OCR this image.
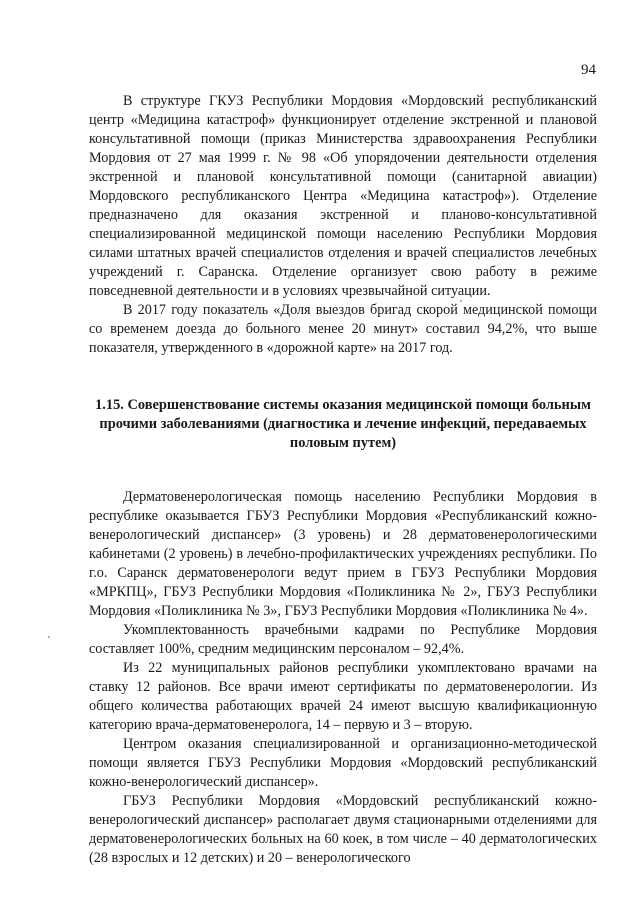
94

В структуре ГКУЗ Республики Мордовия «Мордовский республиканский центр «Медицина катастроф» функционирует отделение экстренной и плановой консультативной помощи (приказ Министерства здравоохранения Республики Мордовия от 27 мая 1999 г. № 98 «Об упорядочении деятельности отделения экстренной и плановой консультативной помощи (санитарной авиации) Мордовского республиканского Центра «Медицина катастроф»). Отделение предназначено для оказания экстренной и планово-консультативной специализированной медицинской помощи населению Республики Мордовия силами штатных врачей специалистов отделения и врачей специалистов лечебных учреждений г. Саранска. Отделение организует свою работу в режиме повседневной деятельности и в условиях чрезвычайной ситуации.

В 2017 году показатель «Доля выездов бригад скорой медицинской помощи со временем доезда до больного менее 20 минут» составил 94,2%, что выше показателя, утвержденного в «дорожной карте» на 2017 год.

1.15. Совершенствование системы оказания медицинской помощи больным прочими заболеваниями (диагностика и лечение инфекций, передаваемых половым путем)

Дерматовенерологическая помощь населению Республики Мордовия в республике оказывается ГБУЗ Республики Мордовия «Республиканский кожно-венерологический диспансер» (3 уровень) и 28 дерматовенерологическими кабинетами (2 уровень) в лечебно-профилактических учреждениях республики. По г.о. Саранск дерматовенерологи ведут прием в ГБУЗ Республики Мордовия «МРКПЦ», ГБУЗ Республики Мордовия «Поликлиника № 2», ГБУЗ Республики Мордовия «Поликлиника № 3», ГБУЗ Республики Мордовия «Поликлиника № 4».

Укомплектованность врачебными кадрами по Республике Мордовия составляет 100%, средним медицинским персоналом – 92,4%.

Из 22 муниципальных районов республики укомплектовано врачами на ставку 12 районов. Все врачи имеют сертификаты по дерматовенерологии. Из общего количества работающих врачей 24 имеют высшую квалификационную категорию врача-дерматовенеролога, 14 – первую и 3 – вторую.

Центром оказания специализированной и организационно-методической помощи является ГБУЗ Республики Мордовия «Мордовский республиканский кожно-венерологический диспансер».

ГБУЗ Республики Мордовия «Мордовский республиканский кожно-венерологический диспансер» располагает двумя стационарными отделениями для дерматовенерологических больных на 60 коек, в том числе – 40 дерматологических (28 взрослых и 12 детских) и 20 – венерологического
